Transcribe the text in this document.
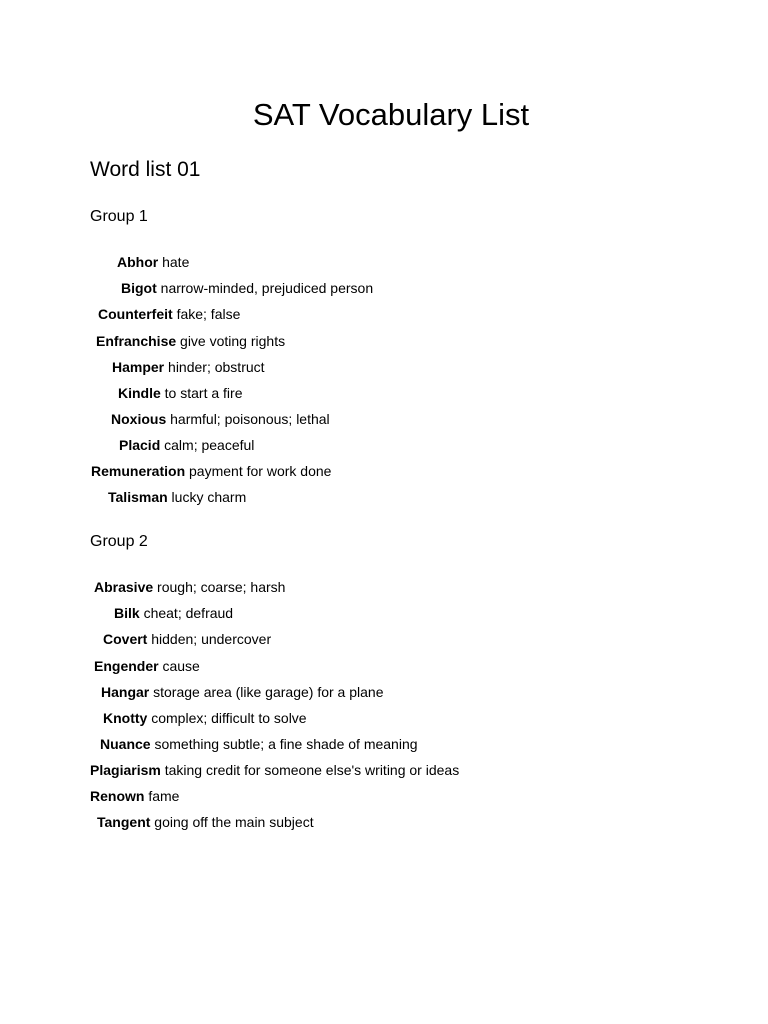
SAT Vocabulary List
Word list 01
Group 1
Abhor hate
Bigot narrow-minded, prejudiced person
Counterfeit fake; false
Enfranchise give voting rights
Hamper hinder; obstruct
Kindle to start a fire
Noxious harmful; poisonous; lethal
Placid calm; peaceful
Remuneration payment for work done
Talisman lucky charm
Group 2
Abrasive rough; coarse; harsh
Bilk cheat; defraud
Covert hidden; undercover
Engender cause
Hangar storage area (like garage) for a plane
Knotty complex; difficult to solve
Nuance something subtle; a fine shade of meaning
Plagiarism taking credit for someone else's writing or ideas
Renown fame
Tangent going off the main subject
